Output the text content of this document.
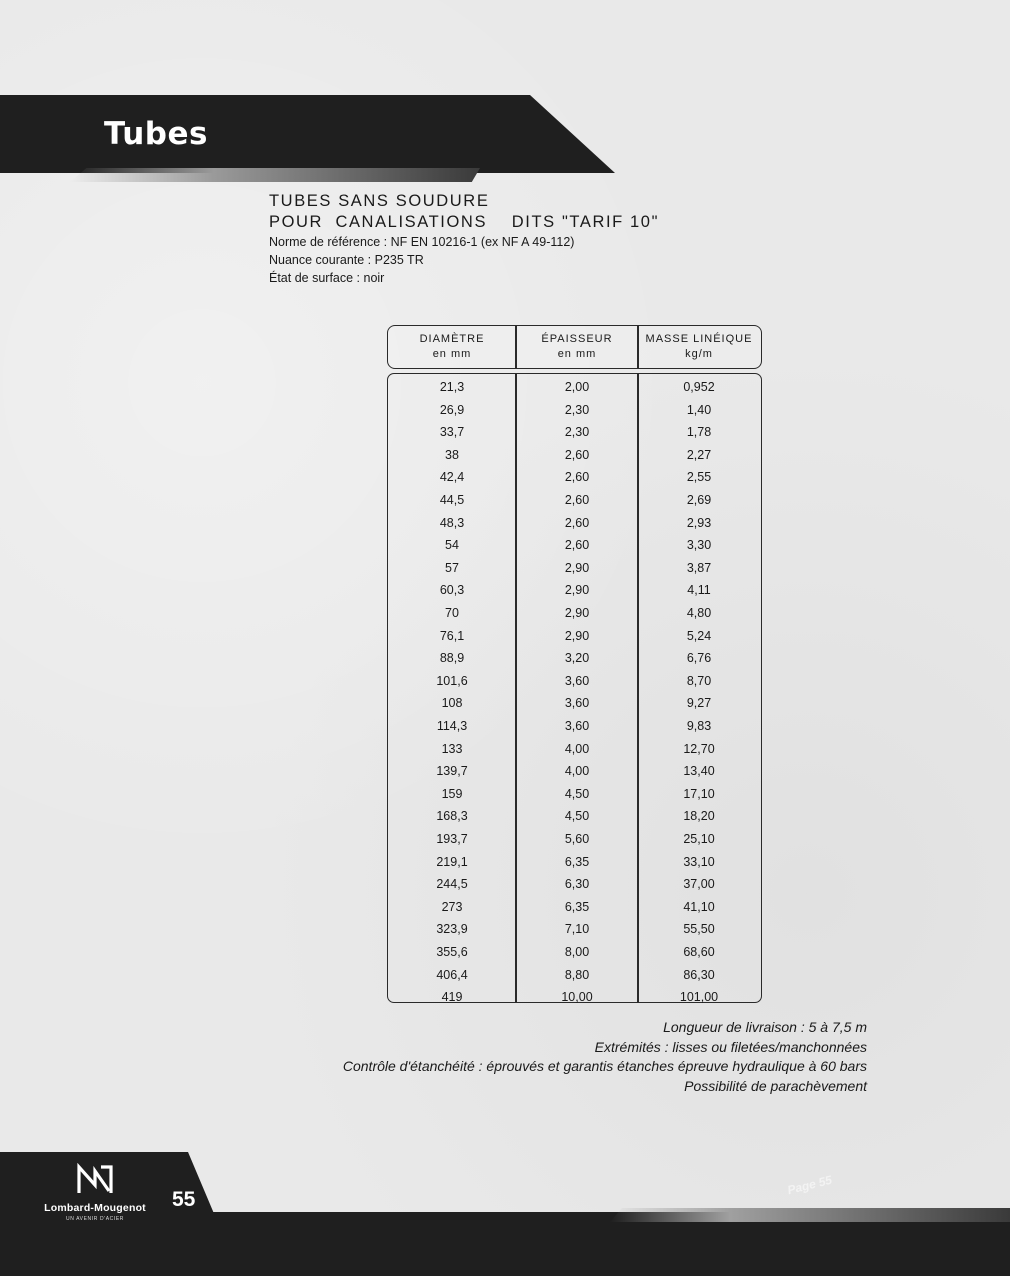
Tubes
TUBES SANS SOUDURE
POUR  CANALISATIONS    DITS "TARIF 10"
Norme de référence : NF EN 10216-1 (ex NF A 49-112)
Nuance courante : P235 TR
État de surface : noir
DIAMÈTRE
en mm
ÉPAISSEUR
en mm
MASSE LINÉIQUE
kg/m
21,3	2,00	0,952
26,9	2,30	1,40
33,7	2,30	1,78
38	2,60	2,27
42,4	2,60	2,55
44,5	2,60	2,69
48,3	2,60	2,93
54	2,60	3,30
57	2,90	3,87
60,3	2,90	4,11
70	2,90	4,80
76,1	2,90	5,24
88,9	3,20	6,76
101,6	3,60	8,70
108	3,60	9,27
114,3	3,60	9,83
133	4,00	12,70
139,7	4,00	13,40
159	4,50	17,10
168,3	4,50	18,20
193,7	5,60	25,10
219,1	6,35	33,10
244,5	6,30	37,00
273	6,35	41,10
323,9	7,10	55,50
355,6	8,00	68,60
406,4	8,80	86,30
419	10,00	101,00
Longueur de livraison : 5 à 7,5 m
Extrémités : lisses ou filetées/manchonnées
Contrôle d'étanchéité : éprouvés et garantis étanches épreuve hydraulique à 60 bars
Possibilité de parachèvement
Lombard-Mougenot
UN AVENIR D'ACIER
55
Page 55
